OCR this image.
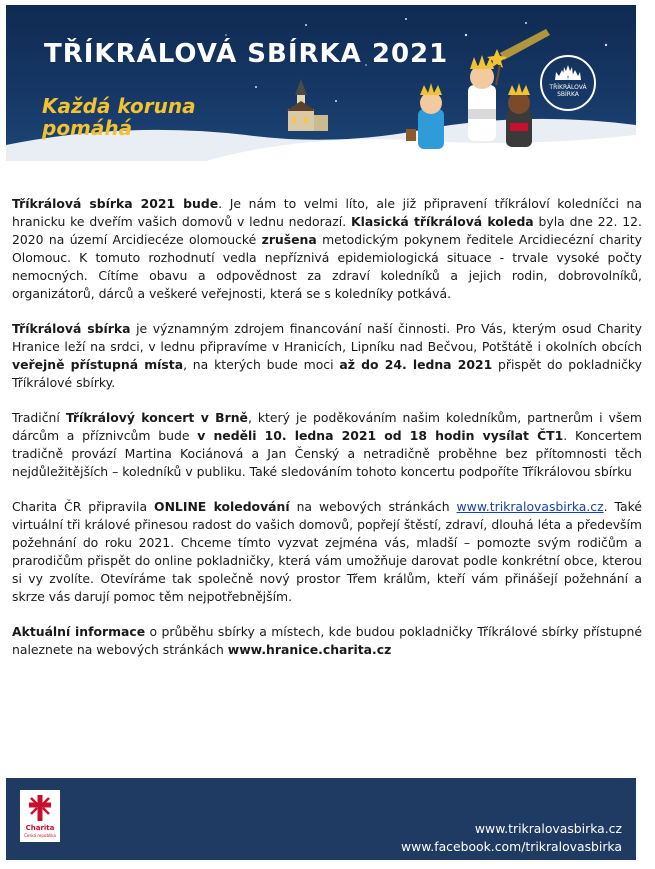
TŘÍKRÁLOVÁ SBÍRKA 2021
Každá koruna pomáhá
TŘÍKRÁLOVÁ
SBÍRKA

Tříkrálová sbírka 2021 bude. Je nám to velmi líto, ale již připravení tříkráloví koledníčci na hranicku ke dveřím vašich domovů v lednu nedorazí. Klasická tříkrálová koleda byla dne 22. 12. 2020 na území Arcidiecéze olomoucké zrušena metodickým pokynem ředitele Arcidiecézní charity Olomouc. K tomuto rozhodnutí vedla nepříznivá epidemiologická situace - trvale vysoké počty nemocných. Cítíme obavu a odpovědnost za zdraví koledníků a jejich rodin, dobrovolníků, organizátorů, dárců a veškeré veřejnosti, která se s koledníky potkává.

Tříkrálová sbírka je významným zdrojem financování naší činnosti. Pro Vás, kterým osud Charity Hranice leží na srdci, v lednu připravíme v Hranicích, Lipníku nad Bečvou, Potštátě i okolních obcích veřejně přístupná místa, na kterých bude moci až do 24. ledna 2021 přispět do pokladničky Tříkrálové sbírky.

Tradiční Tříkrálový koncert v Brně, který je poděkováním našim koledníkům, partnerům i všem dárcům a příznivcům bude v neděli 10. ledna 2021 od 18 hodin vysílat ČT1. Koncertem tradičně provází Martina Kociánová a Jan Čenský a netradičně proběhne bez přítomnosti těch nejdůležitějších – koledníků v publiku. Také sledováním tohoto koncertu podpoříte Tříkrálovou sbírku

Charita ČR připravila ONLINE koledování na webových stránkách www.trikralovasbirka.cz. Také virtuální tři králové přinesou radost do vašich domovů, popřejí štěstí, zdraví, dlouhá léta a především požehnání do roku 2021. Chceme tímto vyzvat zejména vás, mladší – pomozte svým rodičům a prarodičům přispět do online pokladničky, která vám umožňuje darovat podle konkrétní obce, kterou si vy zvolíte. Otevíráme tak společně nový prostor Třem králům, kteří vám přinášejí požehnání a skrze vás darují pomoc těm nejpotřebnějším.

Aktuální informace o průběhu sbírky a místech, kde budou pokladničky Tříkrálové sbírky přístupné naleznete na webových stránkách www.hranice.charita.cz

Charita
Česká republika	www.trikralovasbirka.cz
www.facebook.com/trikralovasbirka
